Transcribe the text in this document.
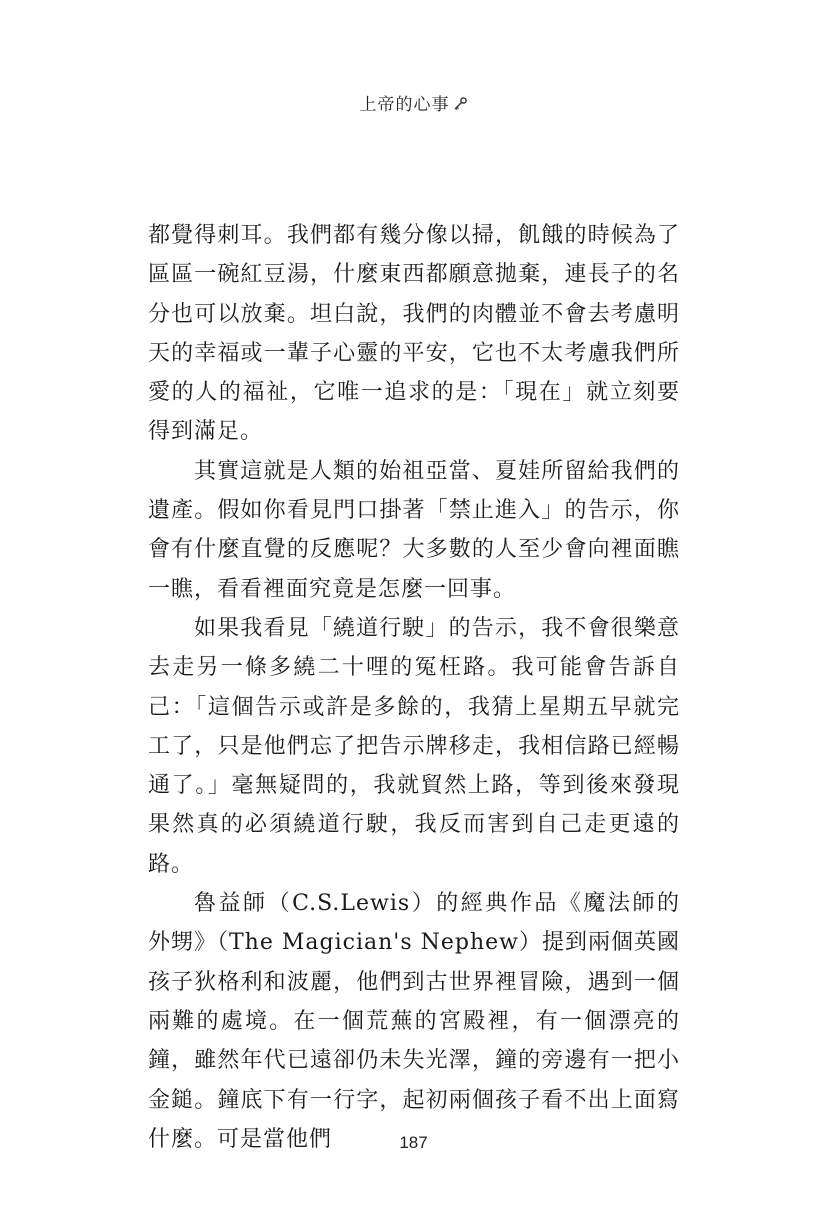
上帝的心事

都覺得刺耳。我們都有幾分像以掃，飢餓的時候為了區區一碗紅豆湯，什麼東西都願意拋棄，連長子的名分也可以放棄。坦白說，我們的肉體並不會去考慮明天的幸福或一輩子心靈的平安，它也不太考慮我們所愛的人的福祉，它唯一追求的是：「現在」就立刻要得到滿足。

其實這就是人類的始祖亞當、夏娃所留給我們的遺產。假如你看見門口掛著「禁止進入」的告示，你會有什麼直覺的反應呢？大多數的人至少會向裡面瞧一瞧，看看裡面究竟是怎麼一回事。

如果我看見「繞道行駛」的告示，我不會很樂意去走另一條多繞二十哩的冤枉路。我可能會告訴自己：「這個告示或許是多餘的，我猜上星期五早就完工了，只是他們忘了把告示牌移走，我相信路已經暢通了。」毫無疑問的，我就貿然上路，等到後來發現果然真的必須繞道行駛，我反而害到自己走更遠的路。

魯益師（C.S.Lewis）的經典作品《魔法師的外甥》（The Magician's Nephew）提到兩個英國孩子狄格利和波麗，他們到古世界裡冒險，遇到一個兩難的處境。在一個荒蕪的宮殿裡，有一個漂亮的鐘，雖然年代已遠卻仍未失光澤，鐘的旁邊有一把小金鎚。鐘底下有一行字，起初兩個孩子看不出上面寫什麼。可是當他們	187
